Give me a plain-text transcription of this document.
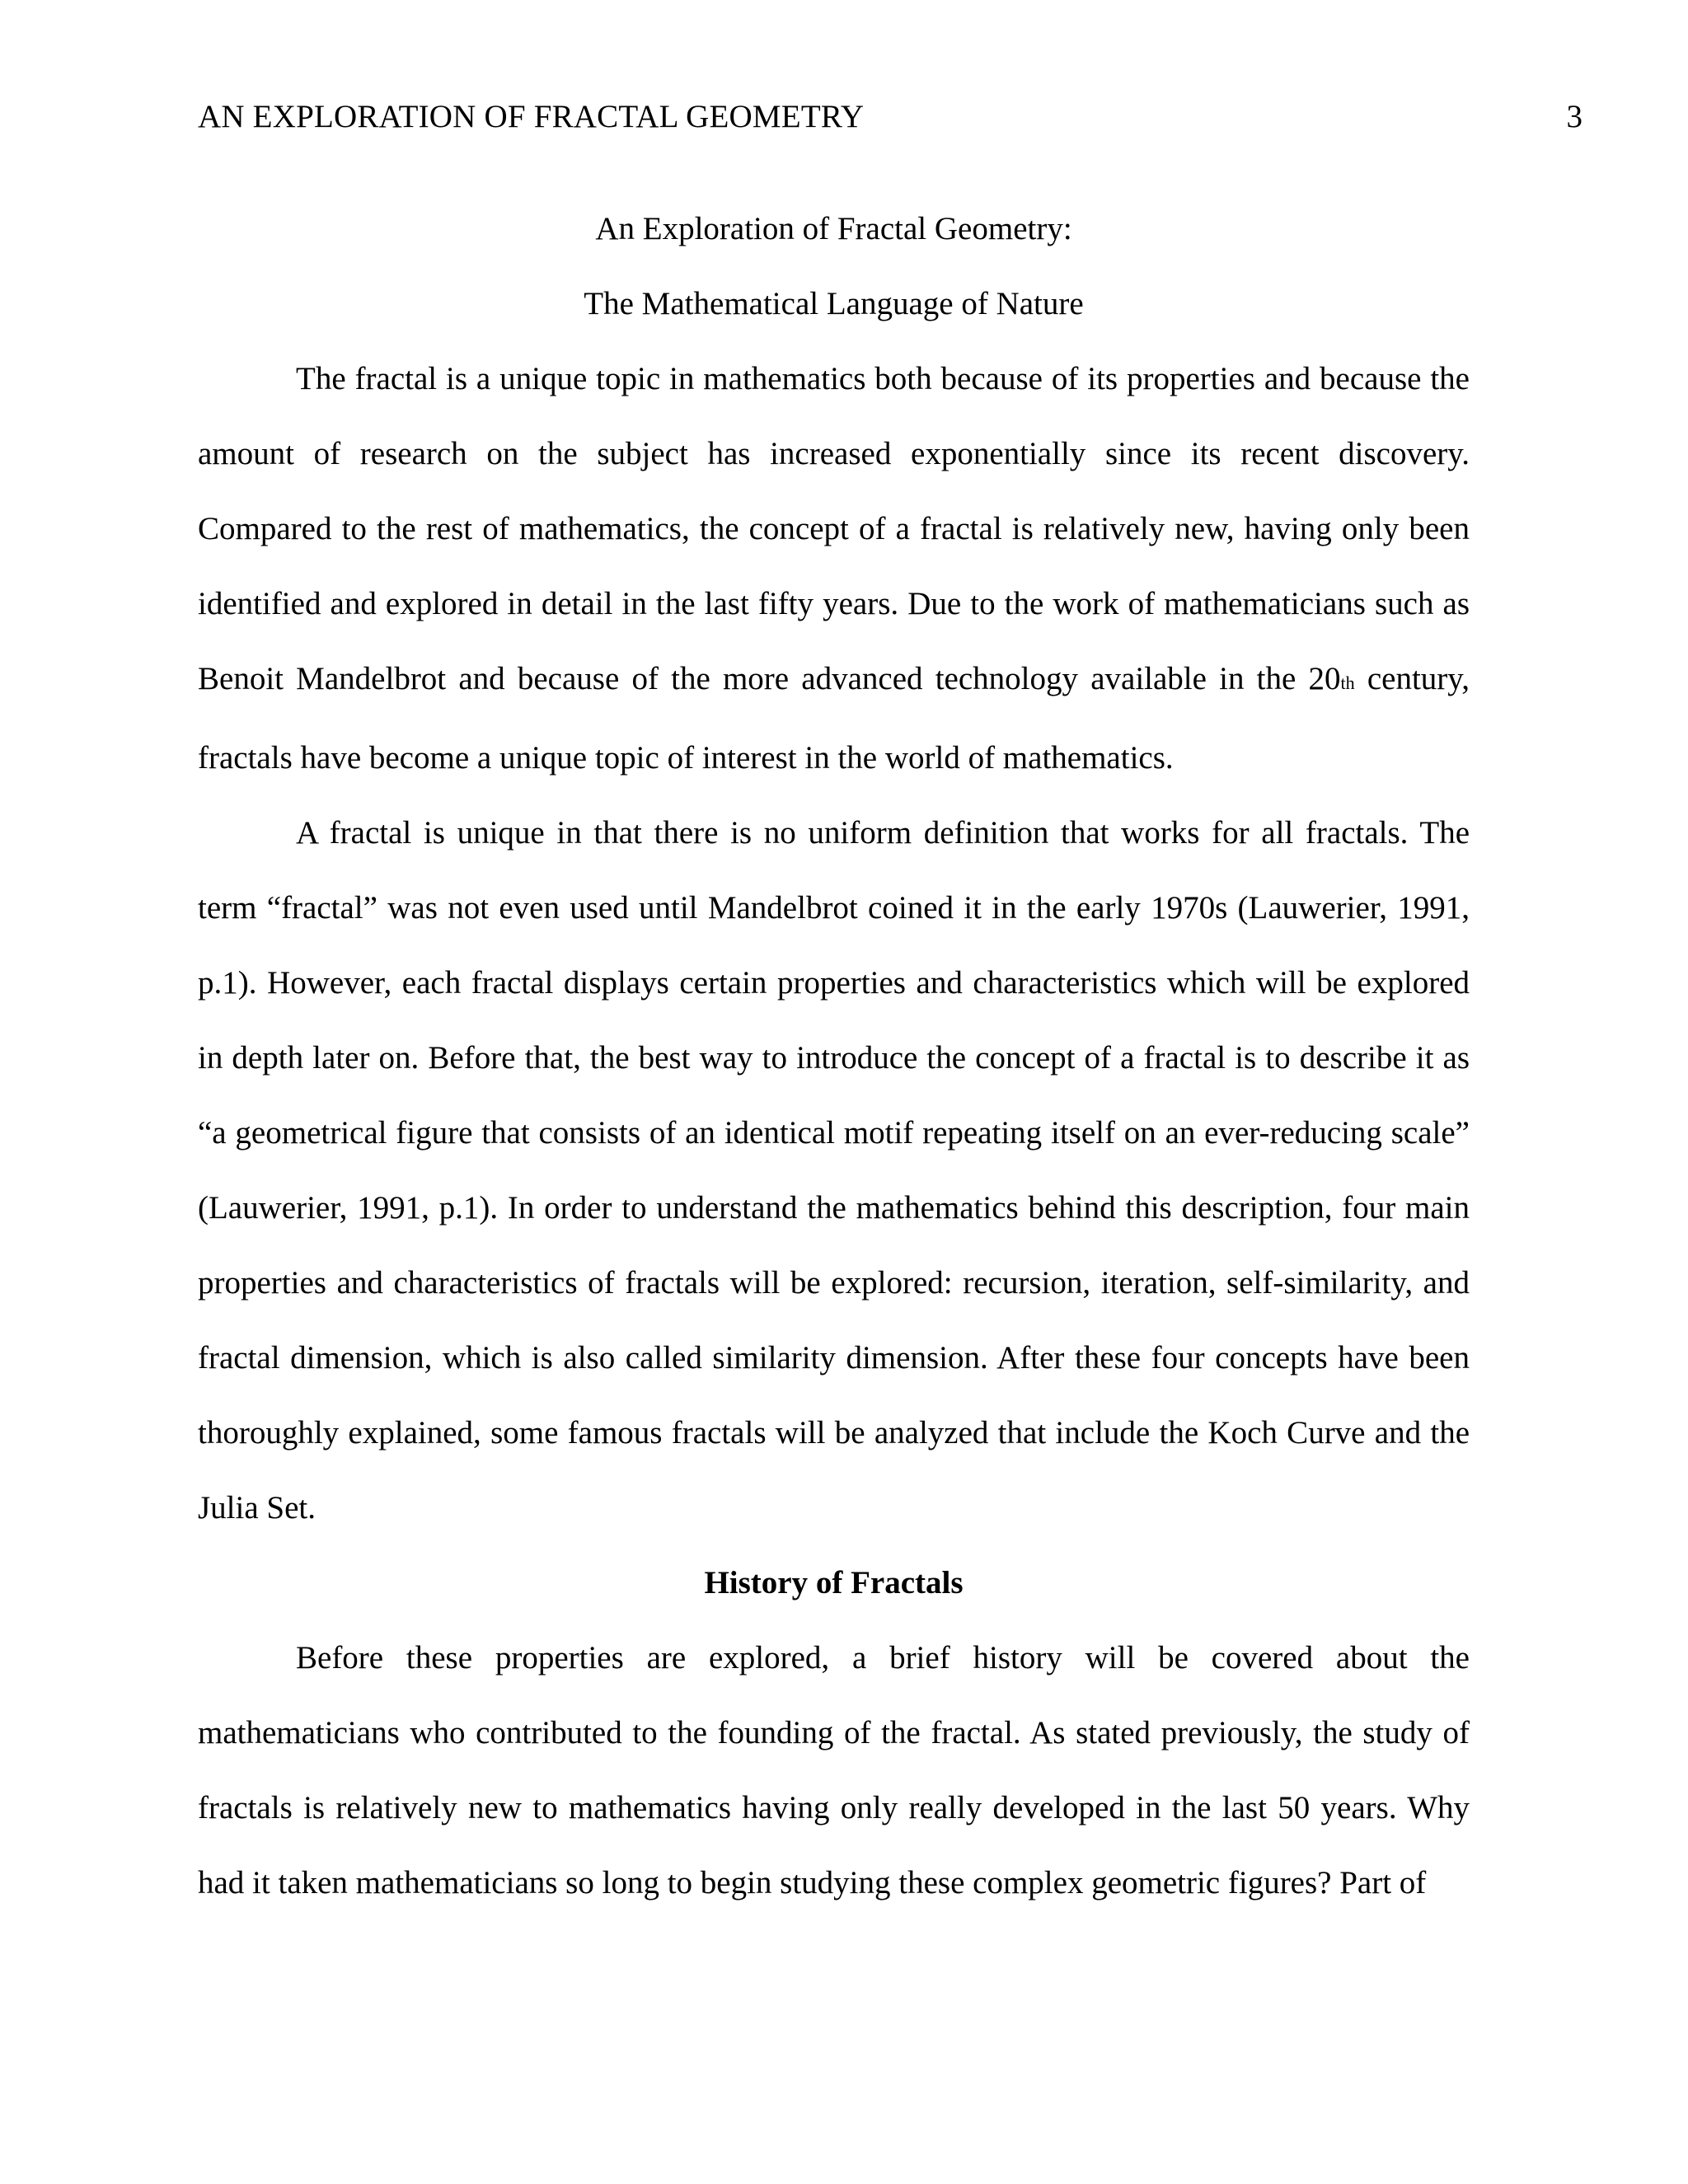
AN EXPLORATION OF FRACTAL GEOMETRY	3

An Exploration of Fractal Geometry:

The Mathematical Language of Nature

The fractal is a unique topic in mathematics both because of its properties and because the amount of research on the subject has increased exponentially since its recent discovery. Compared to the rest of mathematics, the concept of a fractal is relatively new, having only been identified and explored in detail in the last fifty years. Due to the work of mathematicians such as Benoit Mandelbrot and because of the more advanced technology available in the 20th century, fractals have become a unique topic of interest in the world of mathematics.

A fractal is unique in that there is no uniform definition that works for all fractals. The term “fractal” was not even used until Mandelbrot coined it in the early 1970s (Lauwerier, 1991, p.1). However, each fractal displays certain properties and characteristics which will be explored in depth later on. Before that, the best way to introduce the concept of a fractal is to describe it as “a geometrical figure that consists of an identical motif repeating itself on an ever-reducing scale” (Lauwerier, 1991, p.1). In order to understand the mathematics behind this description, four main properties and characteristics of fractals will be explored: recursion, iteration, self-similarity, and fractal dimension, which is also called similarity dimension. After these four concepts have been thoroughly explained, some famous fractals will be analyzed that include the Koch Curve and the Julia Set.

History of Fractals

Before these properties are explored, a brief history will be covered about the mathematicians who contributed to the founding of the fractal. As stated previously, the study of fractals is relatively new to mathematics having only really developed in the last 50 years. Why had it taken mathematicians so long to begin studying these complex geometric figures? Part of
